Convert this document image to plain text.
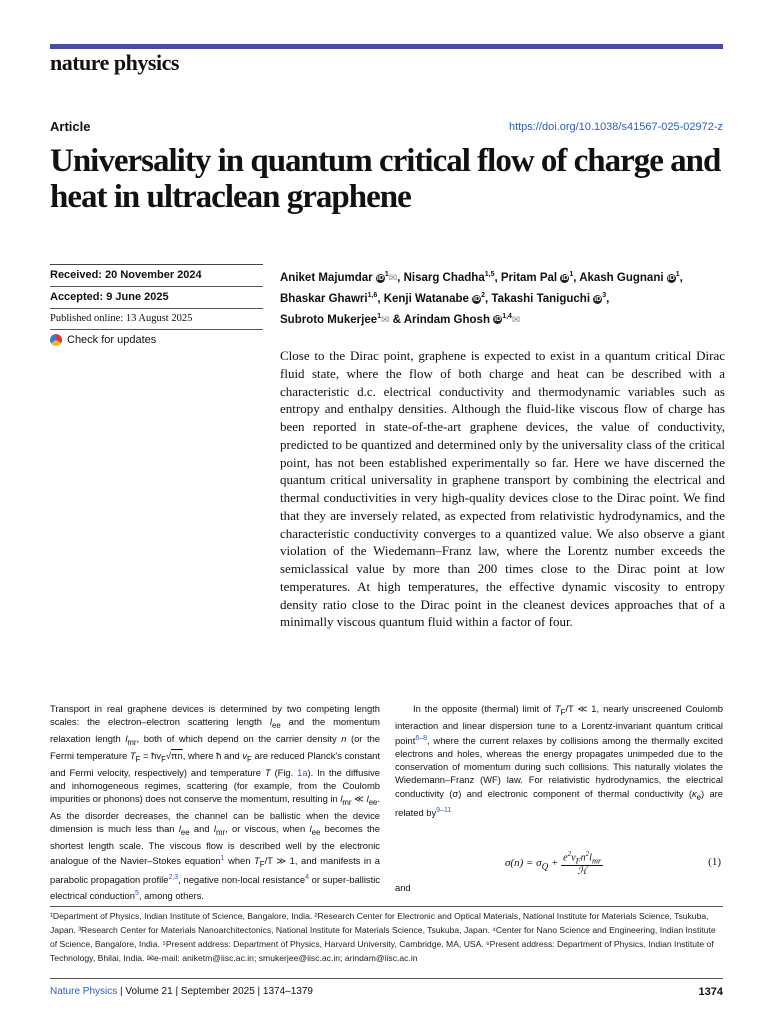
nature physics
Article	https://doi.org/10.1038/s41567-025-02972-z
Universality in quantum critical flow of charge and heat in ultraclean graphene
Received: 20 November 2024
Accepted: 9 June 2025
Published online: 13 August 2025
Check for updates
Aniket Majumdar $iD^1✉$, Nisarg Chadha$^{1,5}$, Pritam Pal $iD^1$, Akash Gugnani $iD^1$, Bhaskar Ghawri$^{1,6}$, Kenji Watanabe $iD^2$, Takashi Taniguchi $iD^3$,
Subroto Mukerjee$^1$✉ & Arindam Ghosh iD$^{1,4}$✉

Close to the Dirac point, graphene is expected to exist in a quantum critical Dirac fluid state, where the flow of both charge and heat can be described with a characteristic d.c. electrical conductivity and thermodynamic variables such as entropy and enthalpy densities. Although the fluid-like viscous flow of charge has been reported in state-of-the-art graphene devices, the value of conductivity, predicted to be quantized and determined only by the universality class of the critical point, has not been established experimentally so far. Here we have discerned the quantum critical universality in graphene transport by combining the electrical and thermal conductivities in very high-quality devices close to the Dirac point. We find that they are inversely related, as expected from relativistic hydrodynamics, and the characteristic conductivity converges to a quantized value. We also observe a giant violation of the Wiedemann–Franz law, where the Lorentz number exceeds the semiclassical value by more than 200 times close to the Dirac point at low temperatures. At high temperatures, the effective dynamic viscosity to entropy density ratio close to the Dirac point in the cleanest devices approaches that of a minimally viscous quantum fluid within a factor of four.

Transport in real graphene devices is determined by two competing length scales: the electron–electron scattering length $l_{ee}$ and the momentum relaxation length $l_{mr}$, both of which depend on the carrier density n (or the Fermi temperature $T_F$ = $ħv_F√\pi n$, where ħ and $v_F$ are reduced Planck's constant and Fermi velocity, respectively) and temperature T (Fig. 1a). In the diffusive and inhomogeneous regimes, scattering (for example, from the Coulomb impurities or phonons) does not conserve the momentum, resulting in $l_{mr}$ ≪ $l_{ee}$. As the disorder decreases, the channel can be ballistic when the device dimension is much less than $l_{ee}$ and $l_{mr}$, or viscous, when $l_{ee}$ becomes the shortest length scale. The viscous flow is described well by the electronic analogue of the Navier–Stokes equation$^1$ when $T_F/T$ ≫ 1, and manifests in a parabolic propagation profile$^{2,3}$, negative non-local resistance$^4$ or super-ballistic electrical conduction$^5$, among others.

In the opposite (thermal) limit of $T_F/T$ ≪ 1, nearly unscreened Coulomb interaction and linear dispersion tune to a Lorentz-invariant quantum critical point$^{6-8}$, where the current relaxes by collisions among the thermally excited electrons and holes, whereas the energy propagates unimpeded due to the conservation of momentum during such collisions. This naturally violates the Wiedemann–Franz (WF) law. For relativistic hydrodynamics, the electrical conductivity (σ) and electronic component of thermal conductivity $(\kappa_e)$ are related by$^{9-11}$

$\sigma(n) = \sigma_Q + \frac{e^2v_Fn^2l_{mr}}{\text{ℋ}}$	(1)
and

¹Department of Physics, Indian Institute of Science, Bangalore, India. ²Research Center for Electronic and Optical Materials, National Institute for Materials Science, Tsukuba, Japan. ³Research Center for Materials Nanoarchitectonics, National Institute for Materials Science, Tsukuba, Japan. ⁴Center for Nano Science and Engineering, Indian Institute of Science, Bangalore, India. ⁵Present address: Department of Physics, Harvard University, Cambridge, MA, USA. ⁶Present address: Department of Physics, Indian Institute of Technology, Bhilai, India. ✉e-mail: aniketm@iisc.ac.in; smukerjee@iisc.ac.in; arindam@iisc.ac.in

Nature Physics | Volume 21 | September 2025 | 1374–1379	1374
